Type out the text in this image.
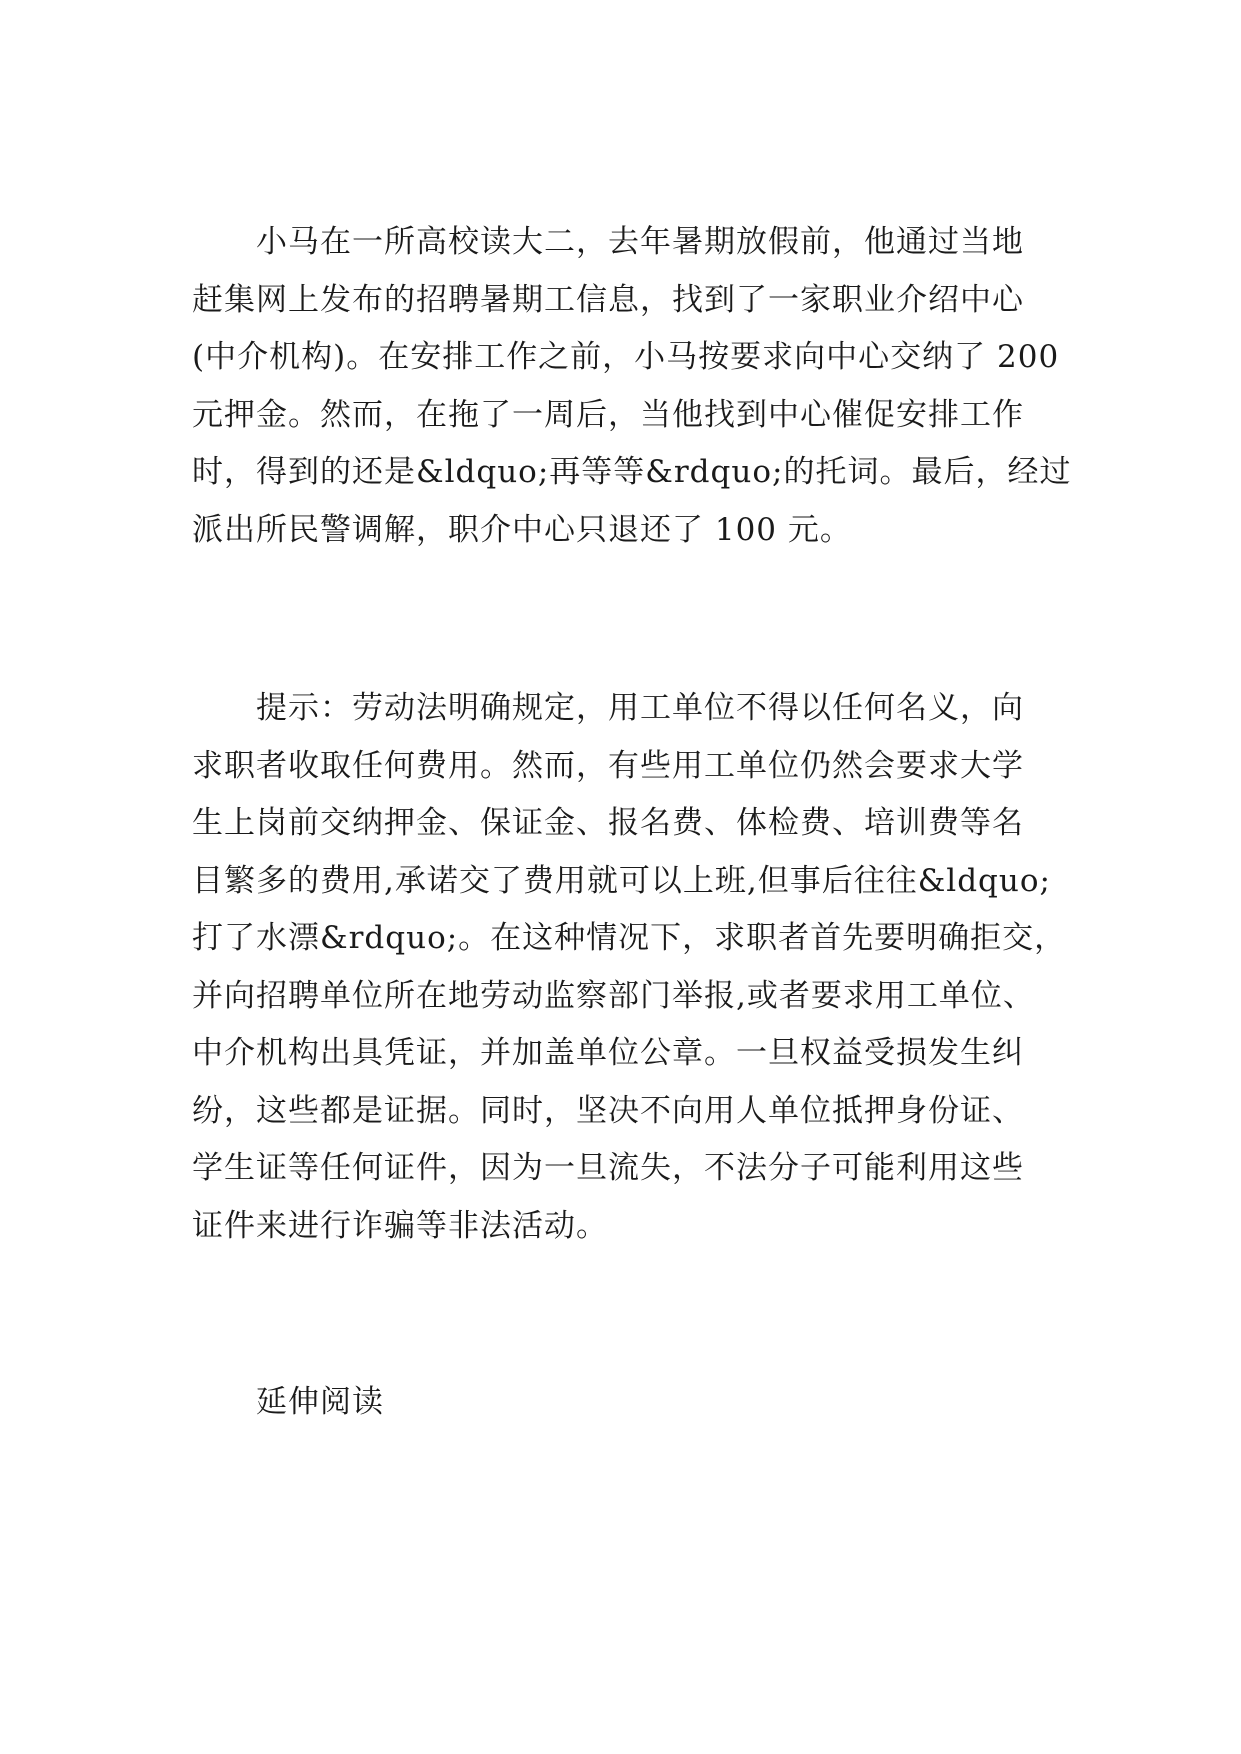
小马在一所高校读大二，去年暑期放假前，他通过当地
赶集网上发布的招聘暑期工信息，找到了一家职业介绍中心
(中介机构)。在安排工作之前，小马按要求向中心交纳了 200
元押金。然而，在拖了一周后，当他找到中心催促安排工作
时，得到的还是&ldquo;再等等&rdquo;的托词。最后，经过
派出所民警调解，职介中心只退还了 100 元。
提示：劳动法明确规定，用工单位不得以任何名义，向
求职者收取任何费用。然而，有些用工单位仍然会要求大学
生上岗前交纳押金、保证金、报名费、体检费、培训费等名
目繁多的费用,承诺交了费用就可以上班,但事后往往&ldquo;
打了水漂&rdquo;。在这种情况下，求职者首先要明确拒交，
并向招聘单位所在地劳动监察部门举报,或者要求用工单位、
中介机构出具凭证，并加盖单位公章。一旦权益受损发生纠
纷，这些都是证据。同时，坚决不向用人单位抵押身份证、
学生证等任何证件，因为一旦流失，不法分子可能利用这些
证件来进行诈骗等非法活动。
延伸阅读
